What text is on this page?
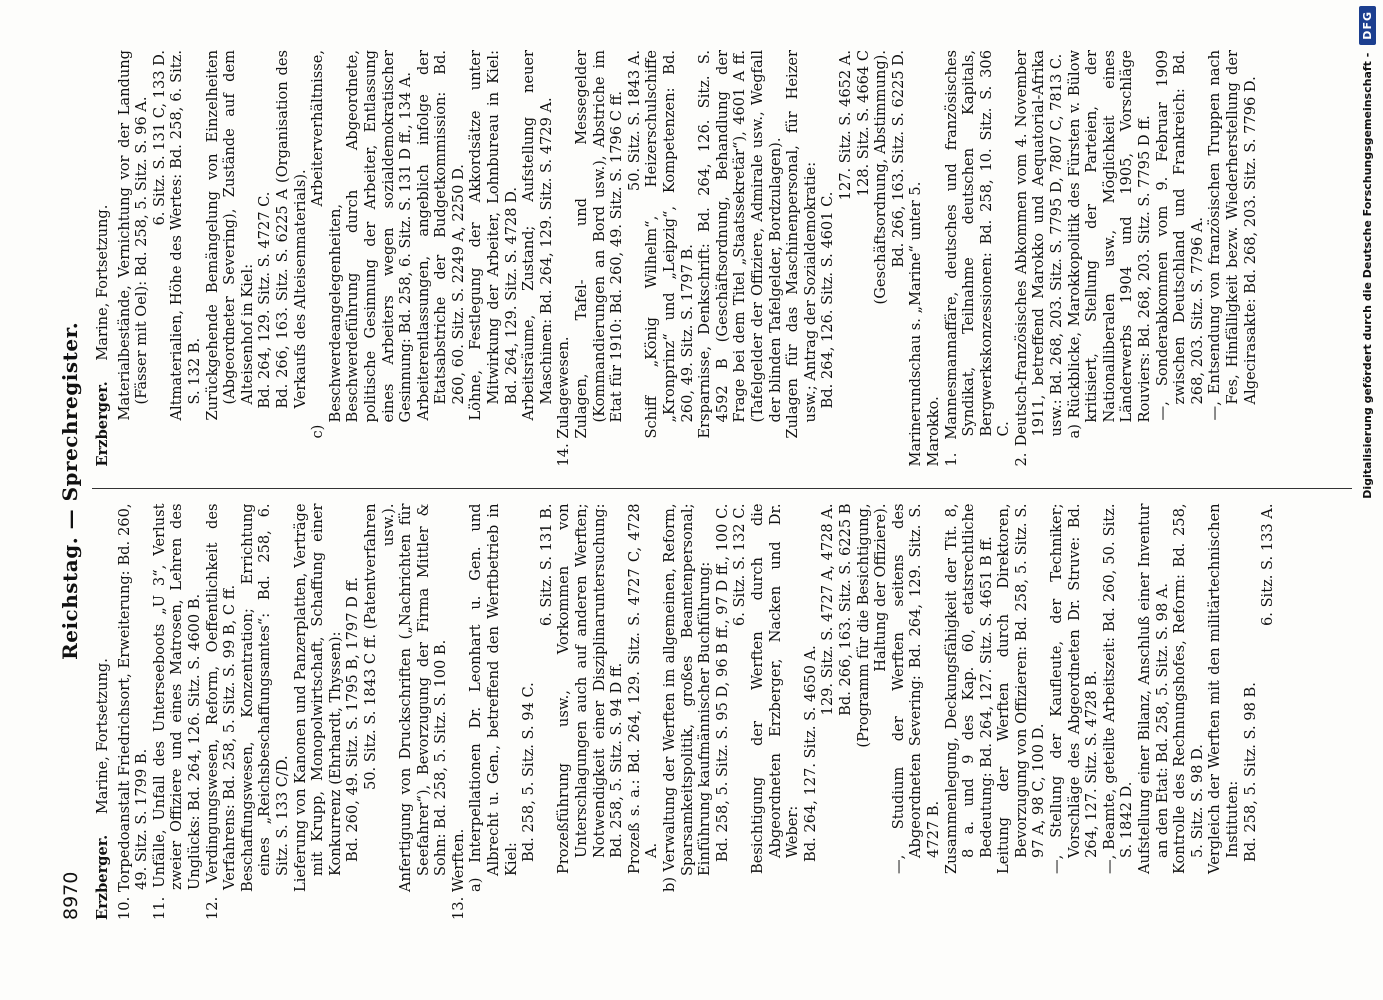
8970
Reichstag. — Sprechregister.
Erzberger. Marine, Fortsetzung. 10. Torpedoanstalt Friedrichsort, Erweiterung: Bd. 260, 49. Sitz. S. 1799 B. 11. Unfälle, Unfall des Unterseeboots „U 3“, Verlust zweier Offiziere und eines Matrosen, Lehren des Unglücks: Bd. 264, 126. Sitz. S. 4600 B. 12. Verdingungswesen, Reform, Oeffentlichkeit des Verfahrens: Bd. 258, 5. Sitz. S. 99 B, C ff. Beschaffungswesen, Konzentration; Errichtung eines „Reichsbeschaffungsamtes“: Bd. 258, 6. Sitz. S. 133 C/D. Lieferung von Kanonen und Panzerplatten, Verträge mit Krupp, Monopolwirtschaft, Schaffung einer Konkurrenz (Ehrhardt, Thyssen): Bd. 260, 49. Sitz. S. 1795 B, 1797 D ff. 50. Sitz. S. 1843 C ff. (Patentverfahren usw.). Anfertigung von Druckschriften („Nachrichten für Seefahrer“), Bevorzugung der Firma Mittler & Sohn: Bd. 258, 5. Sitz. S. 100 B. 13. Werften. a) Interpellationen Dr. Leonhart u. Gen. und Albrecht u. Gen., betreffend den Werftbetrieb in Kiel: Bd. 258, 5. Sitz. S. 94 C.
6. Sitz. S. 131 B. Prozeßführung usw., Vorkommen von Unterschlagungen auch auf anderen Werften; Notwendigkeit einer Disziplinaruntersuchung: Bd. 258, 5. Sitz. S. 94 D ff. Prozeß s. a.: Bd. 264, 129. Sitz. S. 4727 C, 4728 A. b) Verwaltung der Werften im allgemeinen, Reform, Sparsamkeitspolitik, großes Beamtenpersonal; Einführung kaufmännischer Buchführung: Bd. 258, 5. Sitz. S. 95 D, 96 B ff., 97 D ff., 100 C. 6. Sitz. S. 132 C. Besichtigung der Werften durch die Abgeordneten Erzberger, Nacken und Dr. Weber: Bd. 264, 127. Sitz. S. 4650 A.
129. Sitz. S. 4727 A, 4728 A. Bd. 266, 163. Sitz. S. 6225 B (Programm für die Besichtigung, Haltung der Offiziere). —, Studium der Werften seitens des Abgeordneten Severing: Bd. 264, 129. Sitz. S. 4727 B. Zusammenlegung, Deckungsfähigkeit der Tit. 8, 8 a. und 9 des Kap. 60, etatsrechtliche Bedeutung: Bd. 264, 127. Sitz. S. 4651 B ff. Leitung der Werften durch Direktoren, Bevorzugung von Offizieren: Bd. 258, 5. Sitz. S. 97 A, 98 C, 100 D. —, Stellung der Kaufleute, der Techniker; Vorschläge des Abgeordneten Dr. Struve: Bd. 264, 127. Sitz. S. 4728 B. —, Beamte, geteilte Arbeitszeit: Bd. 260, 50. Sitz. S. 1842 D. Aufstellung einer Bilanz, Anschluß einer Inventur an den Etat: Bd. 258, 5. Sitz. S. 98 A. Kontrolle des Rechnungshofes, Reform: Bd. 258, 5. Sitz. S. 98 D. Vergleich der Werften mit den militärtechnischen Instituten: Bd. 258, 5. Sitz. S. 98 B.
6. Sitz. S. 133 A.
Erzberger. Marine, Fortsetzung. Materialbestände, Vernichtung vor der Landung (Fässer mit Oel): Bd. 258, 5. Sitz. S. 96 A. 6. Sitz. S. 131 C, 133 D. Altmaterialien, Höhe des Wertes: Bd. 258, 6. Sitz. S. 132 B. Zurückgehende Bemängelung von Einzelheiten (Abgeordneter Severing), Zustände auf dem Alteisenhof in Kiel: Bd. 264, 129. Sitz. S. 4727 C. Bd. 266, 163. Sitz. S. 6225 A (Organisation des Verkaufs des Alteisenmaterials). c) Arbeiterverhältnisse, Beschwerdeangelegenheiten, Beschwerdeführung durch Abgeordnete, politische Gesinnung der Arbeiter, Entlassung eines Arbeiters wegen sozialdemokratischer Gesinnung: Bd. 258, 6. Sitz. S. 131 D ff., 134 A. Arbeiterentlassungen, angeblich infolge der Etatsabstriche der Budgetkommission: Bd. 260, 60. Sitz. S. 2249 A, 2250 D. Löhne, Festlegung der Akkordsätze unter Mitwirkung der Arbeiter, Lohnbureau in Kiel: Bd. 264, 129. Sitz. S. 4728 D. Arbeitsräume, Zustand; Aufstellung neuer Maschinen: Bd. 264, 129. Sitz. S. 4729 A. 14. Zulagewesen. Zulagen, Tafel- und Messegelder (Kommandierungen an Bord usw.), Abstriche im Etat für 1910: Bd. 260, 49. Sitz. S. 1796 C ff. 50. Sitz. S. 1843 A. Schiff „König Wilhelm“, Heizerschulschiffe „Kronprinz“ und „Leipzig“, Kompetenzen: Bd. 260, 49. Sitz. S. 1797 B. Ersparnisse, Denkschrift: Bd. 264, 126. Sitz. S. 4592 B (Geschäftsordnung, Behandlung der Frage bei dem Titel „Staatssekretär“), 4601 A ff. (Tafelgelder der Offiziere, Admirale usw., Wegfall der blinden Tafelgelder, Bordzulagen). Zulagen für das Maschinenpersonal, für Heizer usw.; Antrag der Sozialdemokratie: Bd. 264, 126. Sitz. S. 4601 C.
127. Sitz. S. 4652 A. 128. Sitz. S. 4664 C (Geschäftsordnung, Abstimmung). Bd. 266, 163. Sitz. S. 6225 D.
Marinerundschau s. „Marine“ unter 5. Marokko. 1. Mannesmannaffäre, deutsches und französisches Syndikat, Teilnahme deutschen Kapitals, Bergwerkskonzessionen: Bd. 258, 10. Sitz. S. 306 C. 2. Deutsch-französisches Abkommen vom 4. November 1911, betreffend Marokko und Aequatorial-Afrika usw.: Bd. 268, 203. Sitz. S. 7795 D, 7807 C, 7813 C. a) Rückblicke, Marokkopolitik des Fürsten v. Bülow kritisiert, Stellung der Parteien, der Nationalliberalen usw., Möglichkeit eines Länderwerbs 1904 und 1905, Vorschläge Rouviers: Bd. 268, 203. Sitz. S. 7795 D ff. —, Sonderabkommen vom 9. Februar 1909 zwischen Deutschland und Frankreich: Bd. 268, 203. Sitz. S. 7796 A. —, Entsendung von französischen Truppen nach Fes, Hinfälligkeit bezw. Wiederherstellung der Algecirasakte: Bd. 268, 203. Sitz. S. 7796 D.	Digitalisierung gefördert durch die Deutsche Forschungsgemeinschaft -
DFG
